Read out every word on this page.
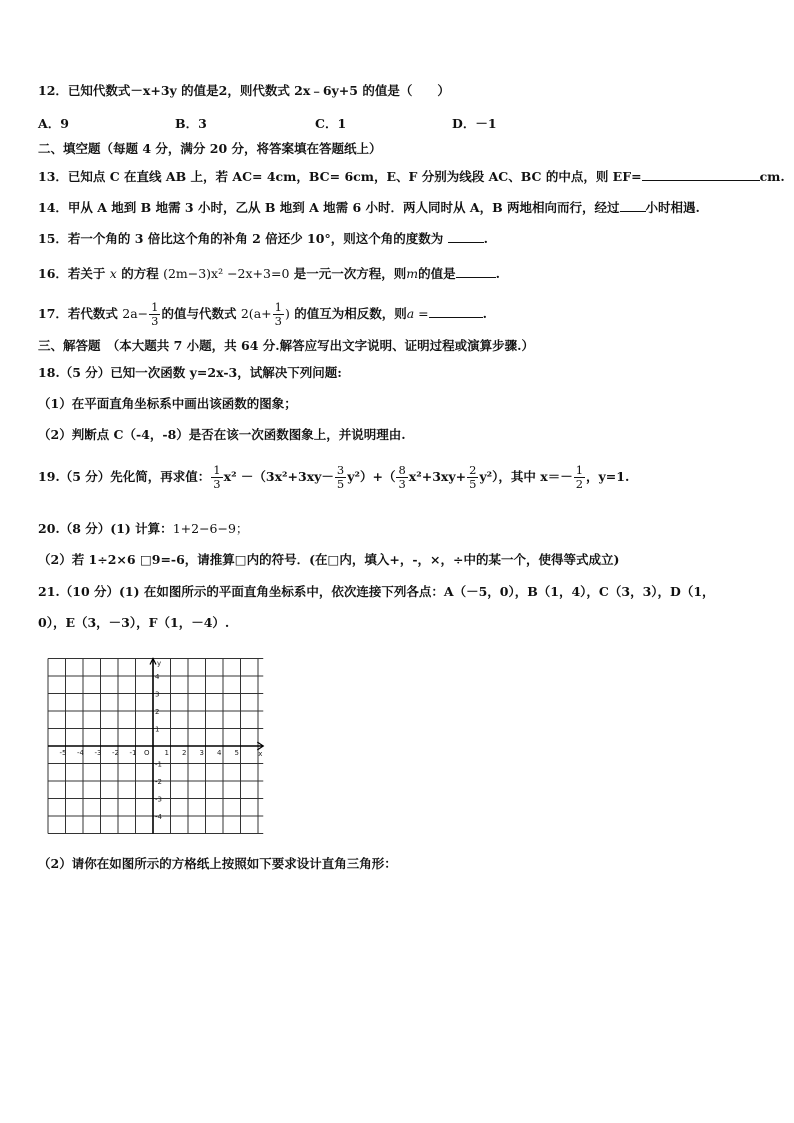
12．已知代数式－x+3y 的值是2，则代数式 2x﹣6y+5 的值是（　　）
A．9	B．3	C．1	D．－1
二、填空题（每题 4 分，满分 20 分，将答案填在答题纸上）
13．已知点 C 在直线 AB 上，若 AC= 4cm，BC= 6cm，E、F 分别为线段 AC、BC 的中点，则 EF=	cm.
14．甲从 A 地到 B 地需 3 小时，乙从 B 地到 A 地需 6 小时．两人同时从 A，B 两地相向而行，经过 小时相遇.
15．若一个角的 3 倍比这个角的补角 2 倍还少 10°，则这个角的度数为	.
16．若关于 x 的方程 (2m−3)x² −2x+3=0 是一元一次方程，则m的值是	.
17．若代数式 $2a- \frac{1}{3}$ 的值与代数式 $2(a+ \frac{1}{3}$ ) 的值互为相反数，则a =	.
三、解答题　（本大题共 7 小题，共 64 分.解答应写出文字说明、证明过程或演算步骤.）
18.（5 分）已知一次函数 y=2x-3，试解决下列问题:
（1）在平面直角坐标系中画出该函数的图象；
（2）判断点 C（-4，-8）是否在该一次函数图象上，并说明理由.
19.（5 分）先化简，再求值： $\frac{1}{3} x^2 -(3x^2+3xy- \frac{3}{5} y^2)+( \frac{8}{3} x^2+3xy+ \frac{2}{5} y^2)$，其中 $x=- \frac{1}{2}$ ，y=1.
20.（8 分）(1) 计算：1+2−6−9；
（2）若 1÷2×6 □9=-6，请推算□内的符号．(在□内，填入+，-，×，÷中的某一个，使得等式成立)
21.（10 分）(1) 在如图所示的平面直角坐标系中，依次连接下列各点：A（－5，0），B（1，4），C（3，3），D（1，
0），E（3，－3），F（1，－4）.
-5 -4 -3 -2 -1	1 2 3 4 5
4
3
2
1
-1
-2
-3
-4
O	x
y
（2）请你在如图所示的方格纸上按照如下要求设计直角三角形：
